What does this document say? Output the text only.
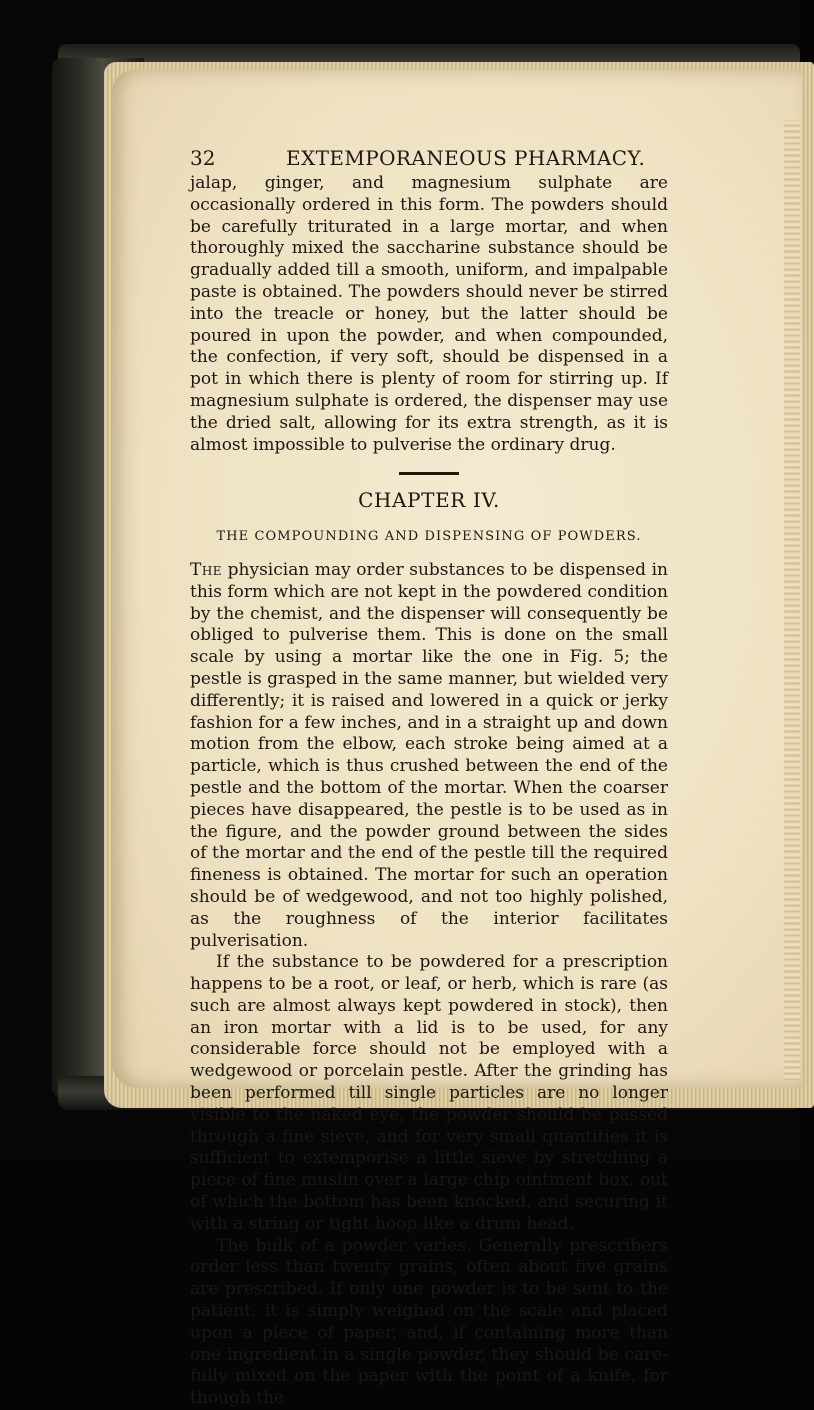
32	EXTEMPORANEOUS PHARMACY.

jalap, ginger, and magnesium sulphate are occasionally ordered in this form. The powders should be carefully triturated in a large mortar, and when thoroughly mixed the saccharine substance should be gradually added till a smooth, uniform, and impalpable paste is obtained. The powders should never be stirred into the treacle or honey, but the latter should be poured in upon the powder, and when compounded, the confection, if very soft, should be dispensed in a pot in which there is plenty of room for stirring up. If magnesium sulphate is ordered, the dispenser may use the dried salt, allowing for its extra strength, as it is almost impossible to pulverise the ordinary drug.

CHAPTER IV.
THE COMPOUNDING AND DISPENSING OF POWDERS.

The physician may order substances to be dispensed in this form which are not kept in the powdered condition by the chemist, and the dispenser will consequently be obliged to pulverise them. This is done on the small scale by using a mortar like the one in Fig. 5; the pestle is grasped in the same manner, but wielded very differently; it is raised and lowered in a quick or jerky fashion for a few inches, and in a straight up and down motion from the elbow, each stroke being aimed at a particle, which is thus crushed between the end of the pestle and the bottom of the mortar. When the coarser pieces have disappeared, the pestle is to be used as in the figure, and the powder ground between the sides of the mortar and the end of the pestle till the required fineness is obtained. The mortar for such an operation should be of wedgewood, and not too highly polished, as the roughness of the interior facilitates pulverisation.

If the substance to be powdered for a prescription happens to be a root, or leaf, or herb, which is rare (as such are almost always kept powdered in stock), then an iron mortar with a lid is to be used, for any considerable force should not be employed with a wedgewood or porcelain pestle. After the grinding has been performed till single particles are no longer visible to the naked eye, the powder should be passed through a fine sieve, and for very small quantities it is sufficient to extemporise a little sieve by stretching a piece of fine muslin over a large chip ointment box, out of which the bottom has been knocked, and securing it with a string or tight hoop like a drum head.

The bulk of a powder varies. Generally prescribers order less than twenty grains, often about five grains are prescribed. If only one powder is to be sent to the patient, it is simply weighed on the scale and placed upon a piece of paper, and, if containing more than one ingredient in a single powder, they should be carefully mixed on the paper with the point of a knife, for though the
